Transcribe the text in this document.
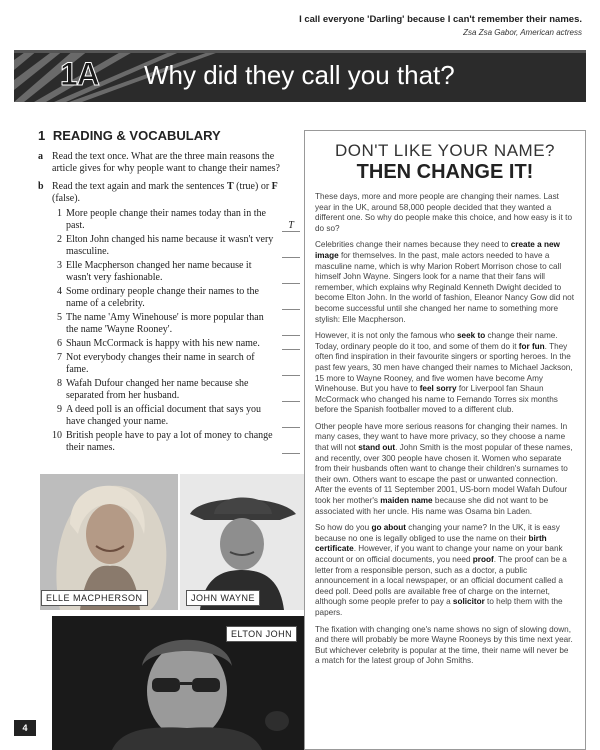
I call everyone 'Darling' because I can't remember their names.
Zsa Zsa Gabor, American actress
1A Why did they call you that?
1 READING & VOCABULARY
a Read the text once. What are the three main reasons the article gives for why people want to change their names?
b Read the text again and mark the sentences T (true) or F (false).
1 More people change their names today than in the past.	T
2 Elton John changed his name because it wasn't very masculine.
3 Elle Macpherson changed her name because it wasn't very fashionable.
4 Some ordinary people change their names to the name of a celebrity.
5 The name 'Amy Winehouse' is more popular than the name 'Wayne Rooney'.
6 Shaun McCormack is happy with his new name.
7 Not everybody changes their name in search of fame.
8 Wafah Dufour changed her name because she separated from her husband.
9 A deed poll is an official document that says you have changed your name.
10 British people have to pay a lot of money to change their names.
ELLE MACPHERSON	JOHN WAYNE
ELTON JOHN
DON'T LIKE YOUR NAME?
THEN CHANGE IT!

These days, more and more people are changing their names. Last year in the UK, around 58,000 people decided that they wanted a different one. So why do people make this choice, and how easy is it to do so?

Celebrities change their names because they need to create a new image for themselves. In the past, male actors needed to have a masculine name, which is why Marion Robert Morrison chose to call himself John Wayne. Singers look for a name that their fans will remember, which explains why Reginald Kenneth Dwight decided to become Elton John. In the world of fashion, Eleanor Nancy Gow did not become successful until she changed her name to something more stylish: Elle Macpherson.

However, it is not only the famous who seek to change their name. Today, ordinary people do it too, and some of them do it for fun. They often find inspiration in their favourite singers or sporting heroes. In the past few years, 30 men have changed their names to Michael Jackson, 15 more to Wayne Rooney, and five women have become Amy Winehouse. But you have to feel sorry for Liverpool fan Shaun McCormack who changed his name to Fernando Torres six months before the Spanish footballer moved to a different club.

Other people have more serious reasons for changing their names. In many cases, they want to have more privacy, so they choose a name that will not stand out. John Smith is the most popular of these names, and recently, over 300 people have chosen it. Women who separate from their husbands often want to change their children's surnames to their own. Others want to escape the past or unwanted connection. After the events of 11 September 2001, US-born model Wafah Dufour took her mother's maiden name because she did not want to be associated with her uncle. His name was Osama bin Laden.

So how do you go about changing your name? In the UK, it is easy because no one is legally obliged to use the name on their birth certificate. However, if you want to change your name on your bank account or on official documents, you need proof. The proof can be a letter from a responsible person, such as a doctor, a public announcement in a local newspaper, or an official document called a deed poll. Deed polls are available free of charge on the internet, although some people prefer to pay a solicitor to help them with the papers.

The fixation with changing one's name shows no sign of slowing down, and there will probably be more Wayne Rooneys by this time next year. But whichever celebrity is popular at the time, their name will never be a match for the latest group of John Smiths.

4
